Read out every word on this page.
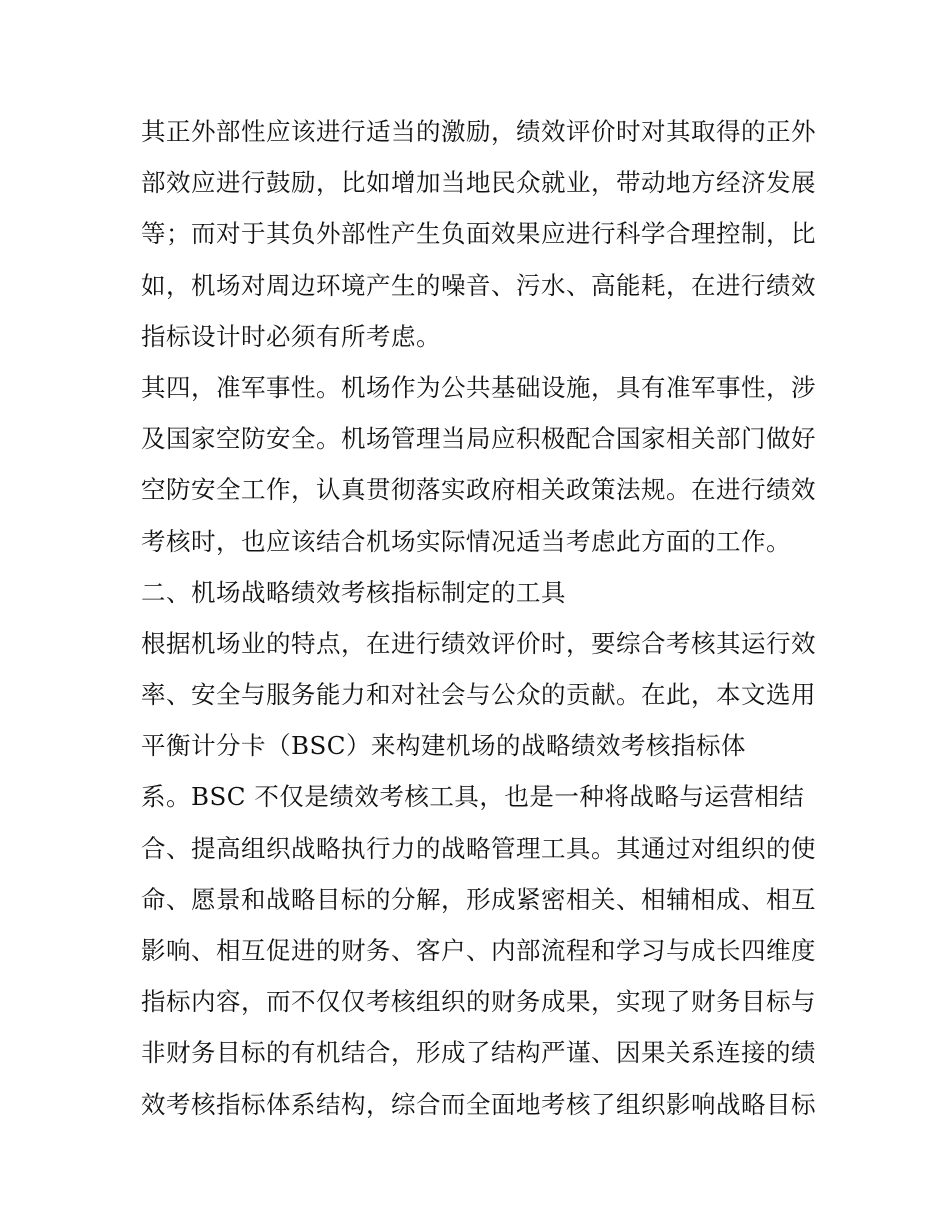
其正外部性应该进行适当的激励，绩效评价时对其取得的正外
部效应进行鼓励，比如增加当地民众就业，带动地方经济发展
等；而对于其负外部性产生负面效果应进行科学合理控制，比
如，机场对周边环境产生的噪音、污水、高能耗，在进行绩效
指标设计时必须有所考虑。
其四，准军事性。机场作为公共基础设施，具有准军事性，涉
及国家空防安全。机场管理当局应积极配合国家相关部门做好
空防安全工作，认真贯彻落实政府相关政策法规。在进行绩效
考核时，也应该结合机场实际情况适当考虑此方面的工作。
二、机场战略绩效考核指标制定的工具
根据机场业的特点，在进行绩效评价时，要综合考核其运行效
率、安全与服务能力和对社会与公众的贡献。在此，本文选用
平衡计分卡（BSC）来构建机场的战略绩效考核指标体
系。BSC 不仅是绩效考核工具，也是一种将战略与运营相结
合、提高组织战略执行力的战略管理工具。其通过对组织的使
命、愿景和战略目标的分解，形成紧密相关、相辅相成、相互
影响、相互促进的财务、客户、内部流程和学习与成长四维度
指标内容，而不仅仅考核组织的财务成果，实现了财务目标与
非财务目标的有机结合，形成了结构严谨、因果关系连接的绩
效考核指标体系结构，综合而全面地考核了组织影响战略目标
